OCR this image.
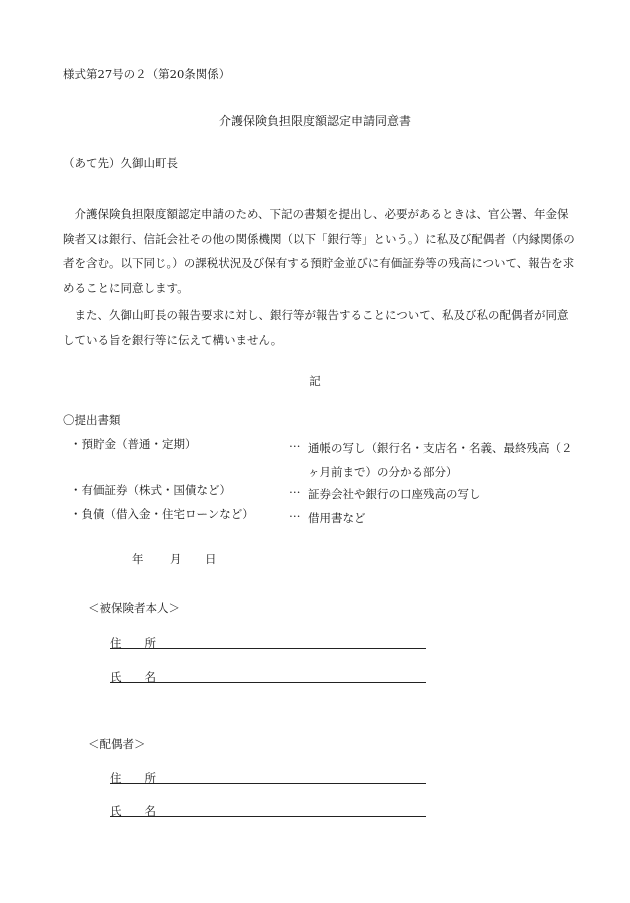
様式第27号の２（第20条関係）
介護保険負担限度額認定申請同意書
（あて先）久御山町長
介護保険負担限度額認定申請のため、下記の書類を提出し、必要があるときは、官公署、年金保険者又は銀行、信託会社その他の関係機関（以下「銀行等」という。）に私及び配偶者（内縁関係の者を含む。以下同じ。）の課税状況及び保有する預貯金並びに有価証券等の残高について、報告を求めることに同意します。
また、久御山町長の報告要求に対し、銀行等が報告することについて、私及び私の配偶者が同意している旨を銀行等に伝えて構いません。
記
〇提出書類
・預貯金（普通・定期）	… 通帳の写し（銀行名・支店名・名義、最終残高（２ヶ月前まで）の分かる部分）
・有価証券（株式・国債など）	… 証券会社や銀行の口座残高の写し
・負債（借入金・住宅ローンなど）	… 借用書など
年 月 日
＜被保険者本人＞
住　　所
氏　　名
＜配偶者＞
住　　所
氏　　名
